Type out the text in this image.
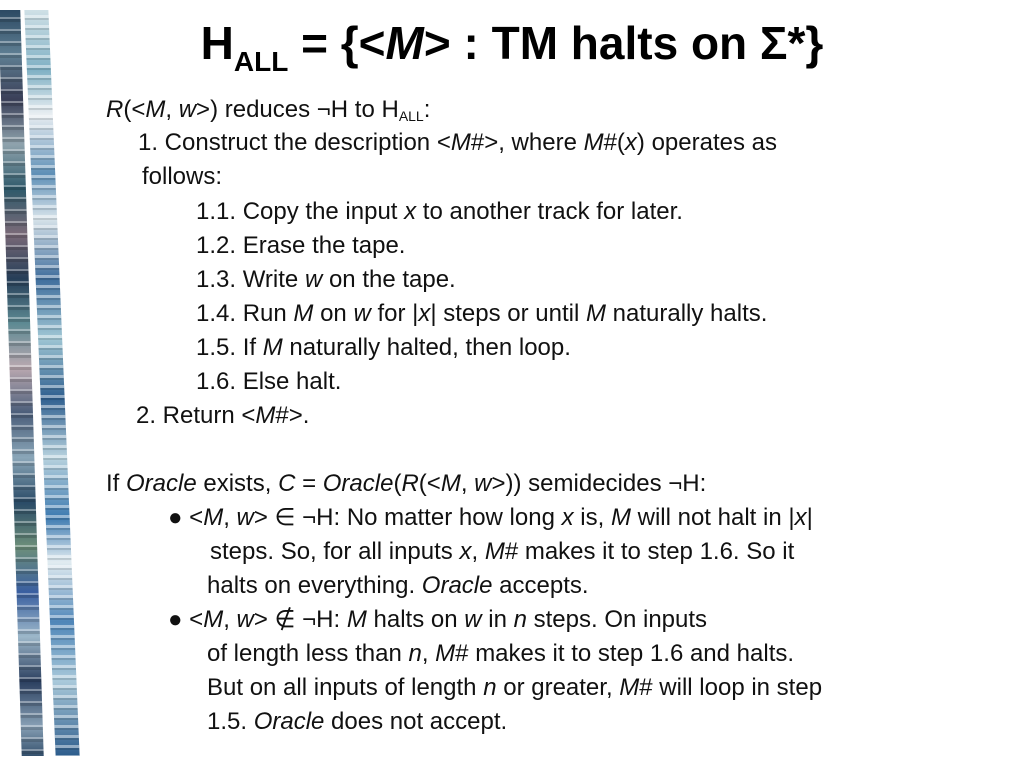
$H_{ALL} = \{<M>$ : TM halts on Σ*}
R(<M, w>) reduces ¬H to $H_{ALL}$:
1. Construct the description <M#>, where M#(x) operates as
follows:
1.1. Copy the input x to another track for later.
1.2. Erase the tape.
1.3. Write w on the tape.
1.4. Run M on w for |x| steps or until M naturally halts.
1.5. If M naturally halted, then loop.
1.6. Else halt.
2. Return <M#>.
If Oracle exists, C = Oracle(R(<M, w>)) semidecides ¬H:
● <M, w> ∈ ¬H: No matter how long x is, M will not halt in |x|
steps. So, for all inputs x, M# makes it to step 1.6. So it
halts on everything. Oracle accepts.
● <M, w> ∉ ¬H: M halts on w in n steps. On inputs
of length less than n, M# makes it to step 1.6 and halts.
But on all inputs of length n or greater, M# will loop in step
1.5. Oracle does not accept.
